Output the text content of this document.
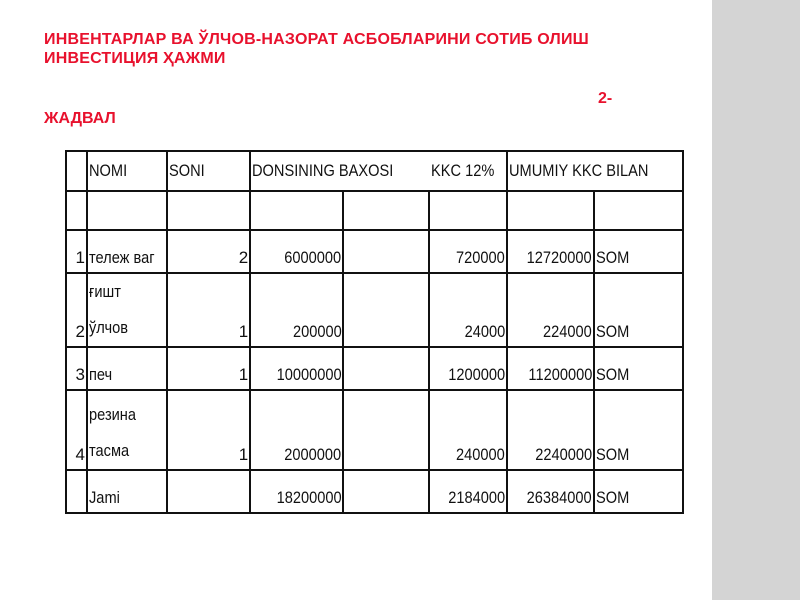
ИНВЕНТАРЛАР ВА ЎЛЧОВ-НАЗОРАТ АСБОБЛАРИНИ СОТИБ ОЛИШ ИНВЕСТИЦИЯ ҲАЖМИ
2-
ЖАДВАЛ
	NOMI	SONI	DONSINING BAXOSI		KKC 12%	UMUMIY KKC BILAN	

1	тележ ваг	2	6000000		720000	12720000	SOM
2	ғишт ўлчов	1	200000		24000	224000	SOM
3	печ	1	10000000		1200000	11200000	SOM
4	резина тасма	1	2000000		240000	2240000	SOM
	Jami		18200000		2184000	26384000	SOM
